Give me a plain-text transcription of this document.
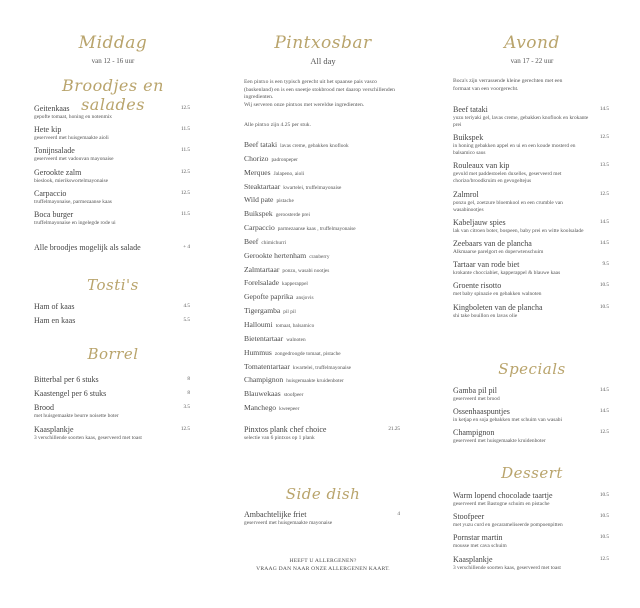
Middag
van 12 - 16 uur
Broodjes en salades
Geitenkaas
gepofte tomaat, honing en notenmix
12.5
Hete kip
geserveerd met huisgemaakte aioli
11.5
Tonijnsalade
geserveerd met vadouvan mayonaise
11.5
Gerookte zalm
bieslook, mierikswortelmayonaise
12.5
Carpaccio
truffelmayonaise, parmezaanse kaas
12.5
Boca burger
truffelmayonaise en ingelegde rode ui
11.5
Alle broodjes mogelijk als salade	+ 4
Tosti's
Ham of kaas	4.5
Ham en kaas	5.5
Borrel
Bitterbal per 6 stuks	8
Kaastengel per 6 stuks	8
Brood
met huisgemaakte beurre noisette boter
3.5
Kaasplankje
3 verschillende soorten kaas, geserveerd met toast
12.5
Pintxosbar
All day
Een pintxo is een typisch gerecht uit het spaanse pais vasco (baskenland) en is een sneetje stokbrood met daarop verschillenden ingredienten.
Wij serveren onze pintxos met wereldse ingredienten.
Alle pintxo zijn 4.25 per stuk.
Beef tataki lavas creme, gebakken knoflook
Chorizo padronpeper
Merques Jalapeno, aioli
Steaktartaar kwartelei, truffelmayonaise
Wild pate pistache
Buikspek geroosterde prei
Carpaccio parmezaanse kaas , truffelmayonaise
Beef chimichurri
Gerookte hertenham cranberry
Zalmtartaar ponzu, wasabi nootjes
Forelsalade kapperappel
Gepofte paprika ansjovis
Tigergamba pil pil
Halloumi tomaat, balsamico
Bietentartaar walnoten
Hummus zongedroogde tomaat, pistache
Tomatentartaar kwartelei, truffelmayonaise
Champignon huisgemaakte kruidenboter
Blauwekaas stoofpeer
Manchego kweepeer
Pinxtos plank chef choice
selectie van 6 pintxos op 1 plank
21.25
Side dish
Ambachtelijke friet
geserveerd met huisgemaakte mayonaise
4
HEEFT U ALLERGENEN?
VRAAG DAN NAAR ONZE ALLERGENEN KAART.
Avond
van 17 - 22 uur
Boca's zijn verrassende kleine gerechten met een formaat van een voorgerecht.
Beef tataki
yuzu teriyaki gel, lavas creme, gebakken knoflook en krokante prei
14.5
Buikspek
in honing gebakken appel en ui en een koude mosterd en balsamico saus
12.5
Rouleaux van kip
gevuld met paddestoelen duxelles, geserveerd met chorizo/broodkruim en gevogeltejus
13.5
Zalmrol
ponzu gel, zoetzure bloemkool en een crumble van wasabinootjes
12.5
Kabeljauw spies
lak van citroen boter, bospeen, baby prei en witte koolsalade
14.5
Zeebaars van de plancha
Alkmaarse parelgort en doperwtenschuim
14.5
Tartaar van rode biet
krokante chocciabiet, kapperappel & blauwe kaas
9.5
Groente risotto
met baby spinazie en gebakken walnoten
10.5
Kingboleten van de plancha
shi take bouillon en lavas olie
10.5
Specials
Gamba pil pil
geserveerd met brood
14.5
Ossenhaaspuntjes
in ketjap en soja gebakken met schuim van wasabi
14.5
Champignon
geserveerd met huisgemaakte kruidenboter
12.5
Dessert
Warm lopend chocolade taartje
geserveerd met Bastogne schuim en pistache
10.5
Stoofpeer
met yuzu curd en gecarameliseerde pompoenpitten
10.5
Pornstar martin
mousse met cava schuim
10.5
Kaasplankje
3 verschillende soorten kaas, geserveerd met toast
12.5
